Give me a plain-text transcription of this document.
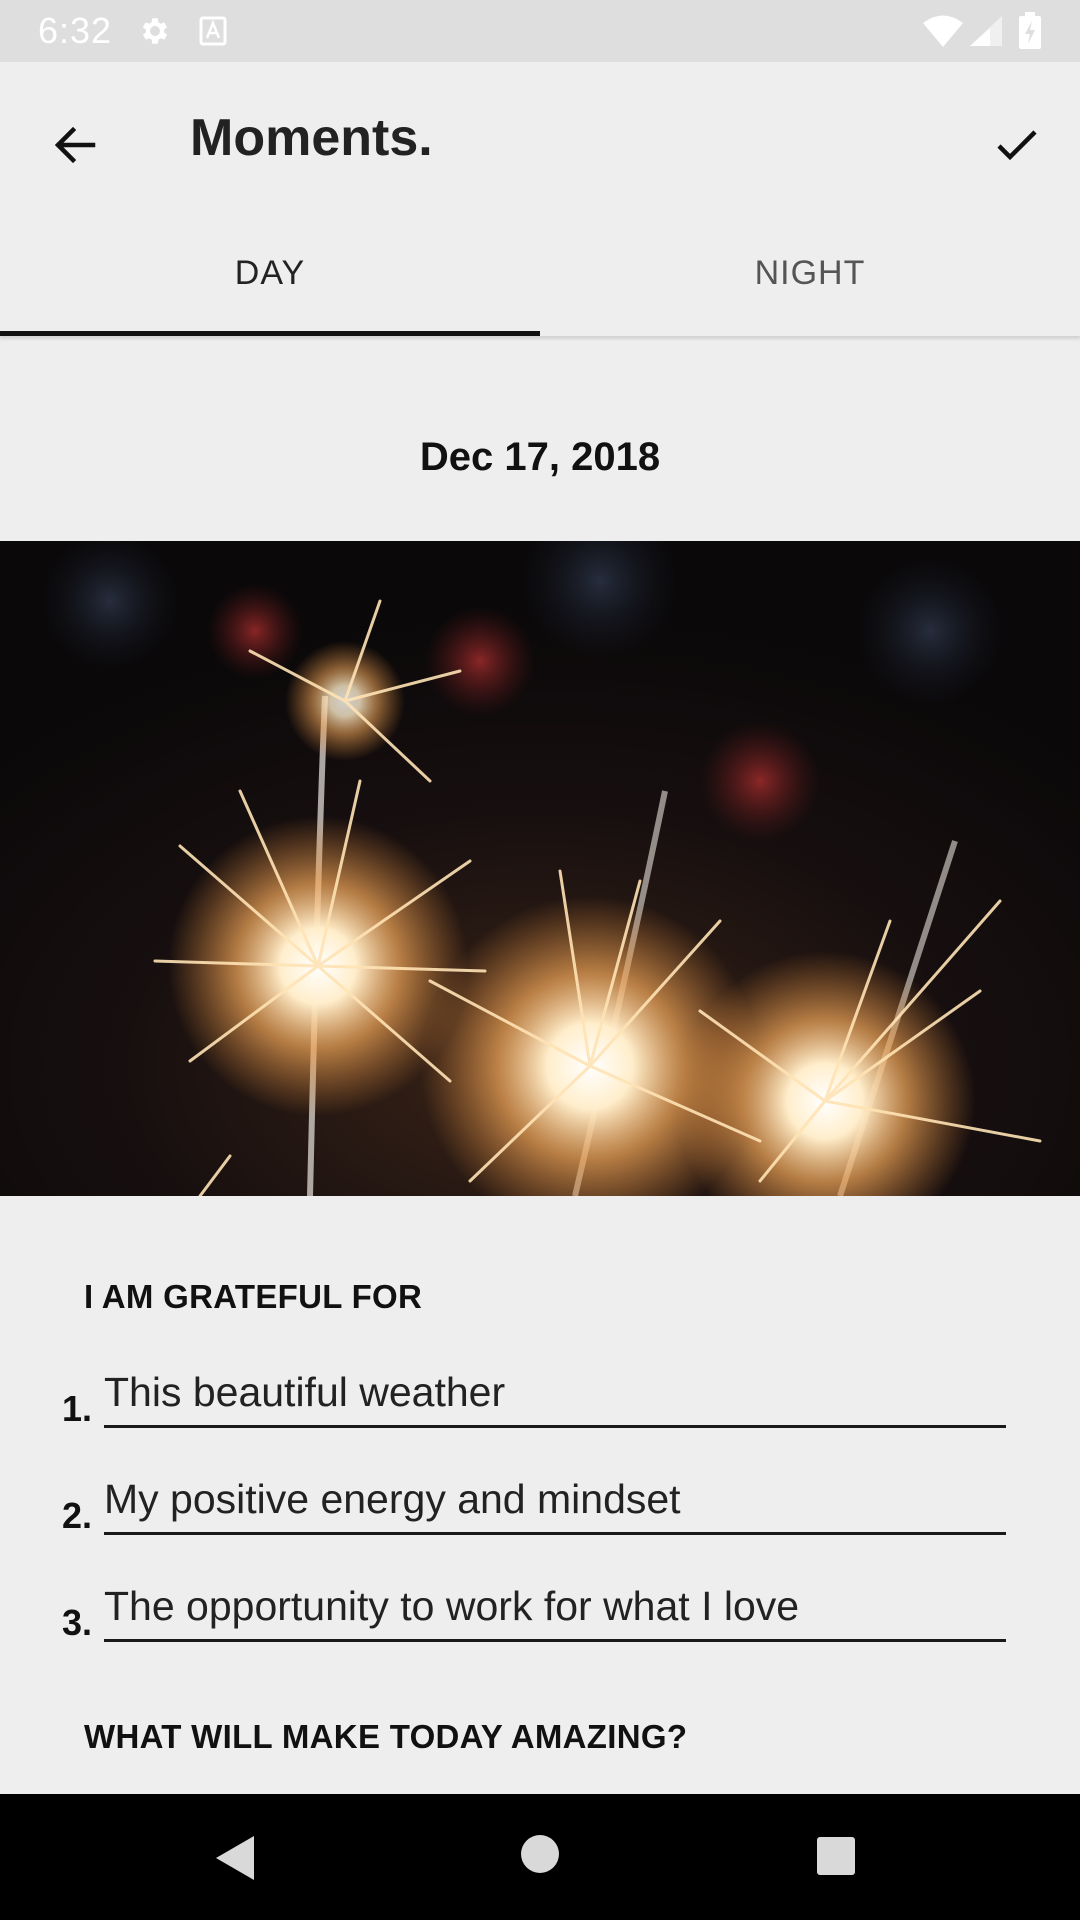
6:32
Moments.
DAY	NIGHT
Dec 17, 2018
I AM GRATEFUL FOR
1.
This beautiful weather
2.
My positive energy and mindset
3.
The opportunity to work for what I love
WHAT WILL MAKE TODAY AMAZING?
